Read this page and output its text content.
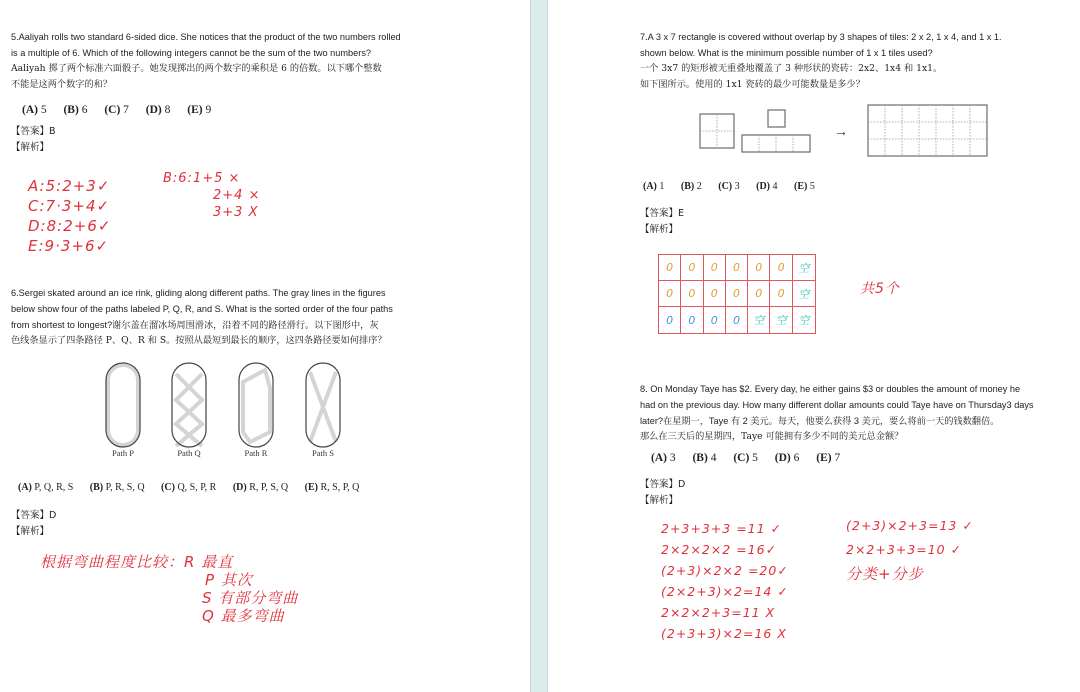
5.Aaliyah rolls two standard 6-sided dice. She notices that the product of the two numbers rolled
is a multiple of 6. Which of the following integers cannot be the sum of the two numbers?
Aaliyah 掷了两个标准六面骰子。她发现掷出的两个数字的乘积是 6 的倍数。以下哪个整数
不能是这两个数字的和？
(A) 5 (B) 6 (C) 7 (D) 8 (E) 9
【答案】B
【解析】
A:5:2+3✓
C:7·3+4✓
D:8:2+6✓
E:9·3+6✓
B:6:1+5 ×
2+4 ×
3+3 X
6.Sergei skated around an ice rink, gliding along different paths. The gray lines in the figures
below show four of the paths labeled P, Q, R, and S. What is the sorted order of the four paths
from shortest to longest?谢尔盖在溜冰场周围滑冰，沿着不同的路径滑行。以下图形中，灰
色线条显示了四条路径 P、Q、R 和 S。按照从最短到最长的顺序，这四条路径要如何排序？
Path P	Path Q	Path R	Path S
(A) P, Q, R, S (B) P, R, S, Q (C) Q, S, P, R (D) R, P, S, Q (E) R, S, P, Q
【答案】D
【解析】
根据弯曲程度比较：R 最直
P 其次
S 有部分弯曲
Q 最多弯曲
7.A 3 x 7 rectangle is covered without overlap by 3 shapes of tiles: 2 x 2, 1 x 4, and 1 x 1.
shown below. What is the minimum possible number of 1 x 1 tiles used?
一个 3x7 的矩形被无重叠地覆盖了 3 种形状的瓷砖：2x2、1x4 和 1x1。
如下图所示。使用的 1x1 瓷砖的最少可能数量是多少？
→
(A) 1 (B) 2 (C) 3 (D) 4 (E) 5
【答案】E
【解析】
0	0	0	0	0	0	空
0	0	0	0	0	0	空
0	0	0	0	空	空	空
共5个
8. On Monday Taye has $2. Every day, he either gains $3 or doubles the amount of money he
had on the previous day. How many different dollar amounts could Taye have on Thursday3 days
later?在星期一，Taye 有 2 美元。每天，他要么获得 3 美元，要么将前一天的钱数翻倍。
那么在三天后的星期四，Taye 可能拥有多少不同的美元总金额？
(A) 3 (B) 4 (C) 5 (D) 6 (E) 7
【答案】D
【解析】
2+3+3+3 =11 ✓
2×2×2×2 =16✓
(2+3)×2×2 =20✓
(2×2+3)×2=14 ✓
2×2×2+3=11 X
(2+3+3)×2=16 X
(2+3)×2+3=13 ✓
2×2+3+3=10 ✓
分类+分步
